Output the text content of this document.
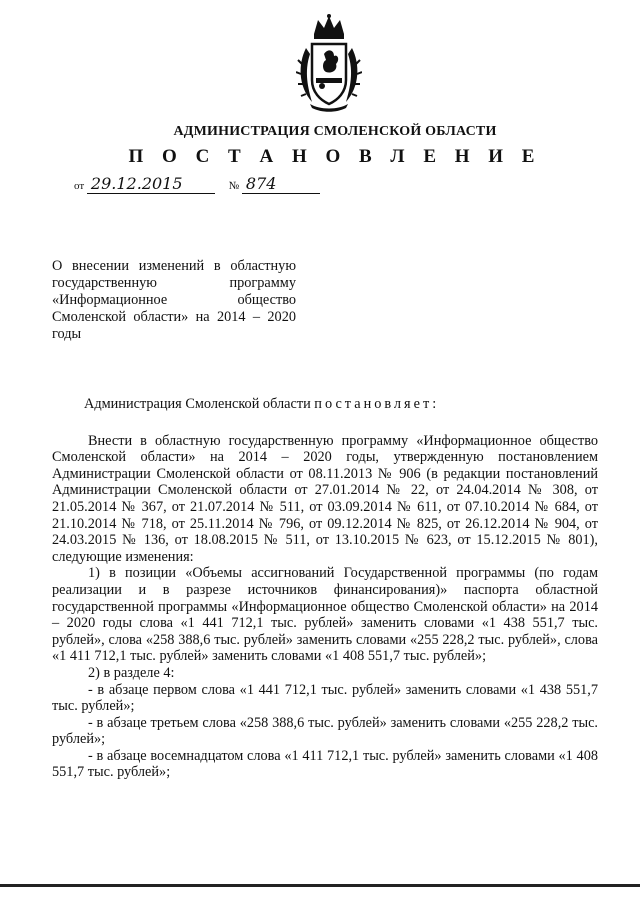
АДМИНИСТРАЦИЯ СМОЛЕНСКОЙ ОБЛАСТИ
П О С Т А Н О В Л Е Н И Е
от 29.12.2015	№ 874
О внесении изменений в областную государственную программу «Информационное общество Смоленской области» на 2014 – 2020 годы

Администрация Смоленской области постановляет:

Внести в областную государственную программу «Информационное общество Смоленской области» на 2014 – 2020 годы, утвержденную постановлением Администрации Смоленской области от 08.11.2013 № 906 (в редакции постановлений Администрации Смоленской области от 27.01.2014 № 22, от 24.04.2014 № 308, от 21.05.2014 № 367, от 21.07.2014 № 511, от 03.09.2014 № 611, от 07.10.2014 № 684, от 21.10.2014 № 718, от 25.11.2014 № 796, от 09.12.2014 № 825, от 26.12.2014 № 904, от 24.03.2015 № 136, от 18.08.2015 № 511, от 13.10.2015 № 623, от 15.12.2015 № 801), следующие изменения:

1) в позиции «Объемы ассигнований Государственной программы (по годам реализации и в разрезе источников финансирования)» паспорта областной государственной программы «Информационное общество Смоленской области» на 2014 – 2020 годы слова «1 441 712,1 тыс. рублей» заменить словами «1 438 551,7 тыс. рублей», слова «258 388,6 тыс. рублей» заменить словами «255 228,2 тыс. рублей», слова «1 411 712,1 тыс. рублей» заменить словами «1 408 551,7 тыс. рублей»;

2) в разделе 4:

- в абзаце первом слова «1 441 712,1 тыс. рублей» заменить словами «1 438 551,7 тыс. рублей»;

- в абзаце третьем слова «258 388,6 тыс. рублей» заменить словами «255 228,2 тыс. рублей»;

- в абзаце восемнадцатом слова «1 411 712,1 тыс. рублей» заменить словами «1 408 551,7 тыс. рублей»;
